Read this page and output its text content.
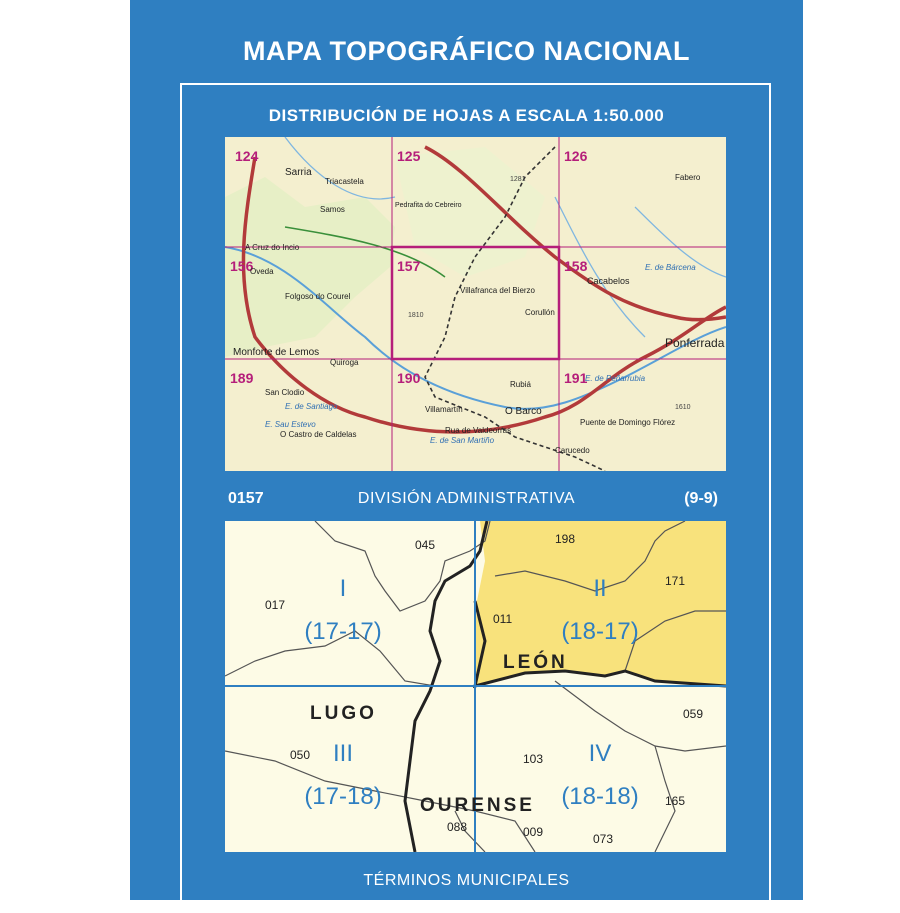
MAPA TOPOGRÁFICO NACIONAL
DISTRIBUCIÓN DE HOJAS A ESCALA 1:50.000
124	125	126
156	157	158
189	190	191
Sarria
Triacastela
Samos
A Cruz do Incio
Oveda
Folgoso do Courel
Monforte de Lemos
Quiroga
San Clodio
O Castro de Caldelas
Villamartín	O Barco
Rua de Valdeorras
Villafranca del Bierzo
Corullón
Cacabelos
Ponferrada
Rubiá
Puente de Domingo Flórez
Carucedo
Fabero
Pedrafita do Cebreiro
E. de Bárcena
E. de Peñarrubia
E. de San Martiño
E. Sau Estevo
E. de Santiago
1281
1810
1610
0157	DIVISIÓN ADMINISTRATIVA	(9-9)
I
(17-17)
II
(18-17)
III
(17-18)
IV
(18-18)
LEÓN
LUGO
OURENSE
045	198
017
011
171
059
050	103
165
088	009	073
TÉRMINOS MUNICIPALES
